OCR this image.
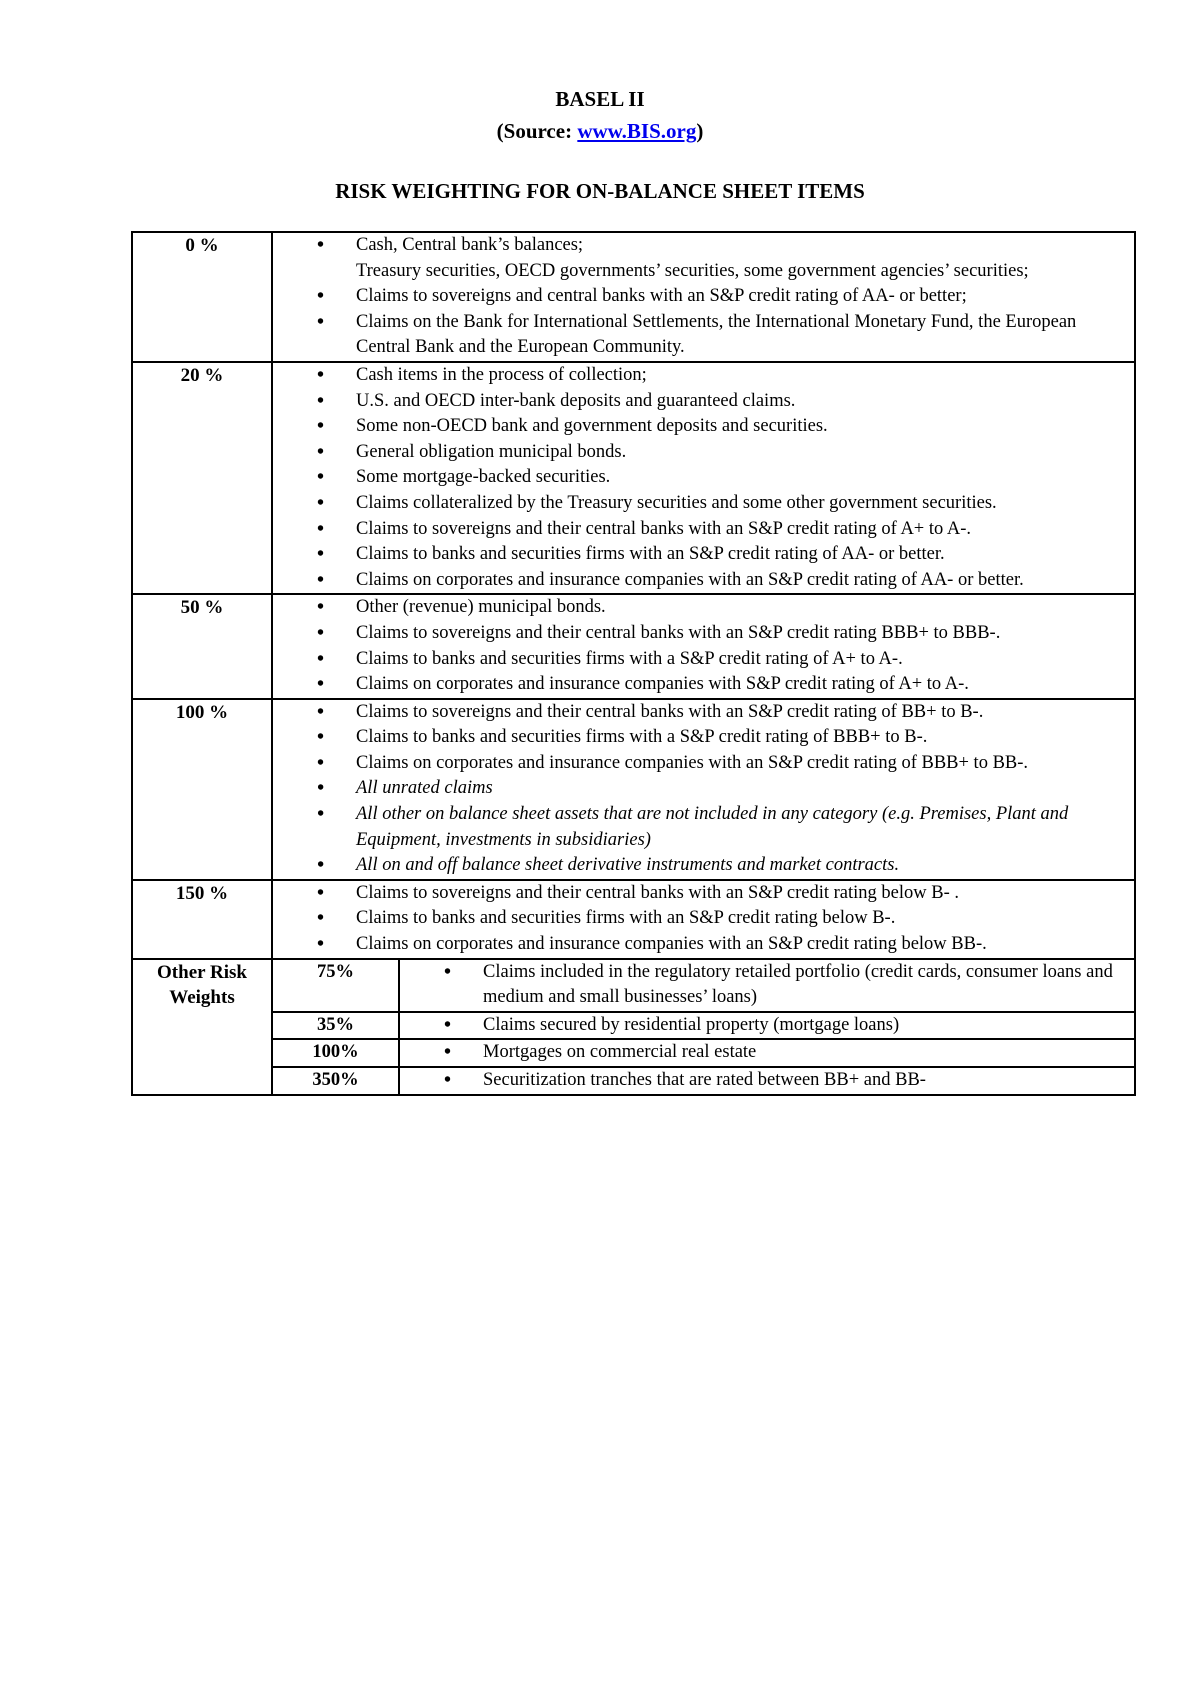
BASEL II
(Source: www.BIS.org)
RISK WEIGHTING FOR ON-BALANCE SHEET ITEMS
0 %	
•Cash, Central bank’s balances;
Treasury securities, OECD governments’ securities, some government agencies’ securities;
• Claims to sovereigns and central banks with an S&P credit rating of AA- or better;
• Claims on the Bank for International Settlements, the International Monetary Fund, the European Central Bank and the European Community.

20 %	
•Cash items in the process of collection;
• U.S. and OECD inter-bank deposits and guaranteed claims.
• Some non-OECD bank and government deposits and securities.
• General obligation municipal bonds.
• Some mortgage-backed securities.
• Claims collateralized by the Treasury securities and some other government securities.
• Claims to sovereigns and their central banks with an S&P credit rating of A+ to A-.
• Claims to banks and securities firms with an S&P credit rating of AA- or better.
• Claims on corporates and insurance companies with an S&P credit rating of AA- or better.

50 %	
•Other (revenue) municipal bonds.
• Claims to sovereigns and their central banks with an S&P credit rating BBB+ to BBB-.
• Claims to banks and securities firms with a S&P credit rating of A+ to A-.
• Claims on corporates and insurance companies with S&P credit rating of A+ to A-.

100 %	
•Claims to sovereigns and their central banks with an S&P credit rating of BB+ to B-.
• Claims to banks and securities firms with a S&P credit rating of BBB+ to B-.
• Claims on corporates and insurance companies with an S&P credit rating of BBB+ to BB-.
• All unrated claims
• All other on balance sheet assets that are not included in any category (e.g. Premises, Plant and Equipment, investments in subsidiaries)
• All on and off balance sheet derivative instruments and market contracts.

150 %	
•Claims to sovereigns and their central banks with an S&P credit rating below B- .
• Claims to banks and securities firms with an S&P credit rating below B-.
• Claims on corporates and insurance companies with an S&P credit rating below BB-.

Other Risk Weights	
75%	
•Claims included in the regulatory retailed portfolio (credit cards, consumer loans and medium and small businesses’ loans)

35%	
•Claims secured by residential property (mortgage loans)

100%	
•Mortgages on commercial real estate

350%	
•Securitization tranches that are rated between BB+ and BB-
